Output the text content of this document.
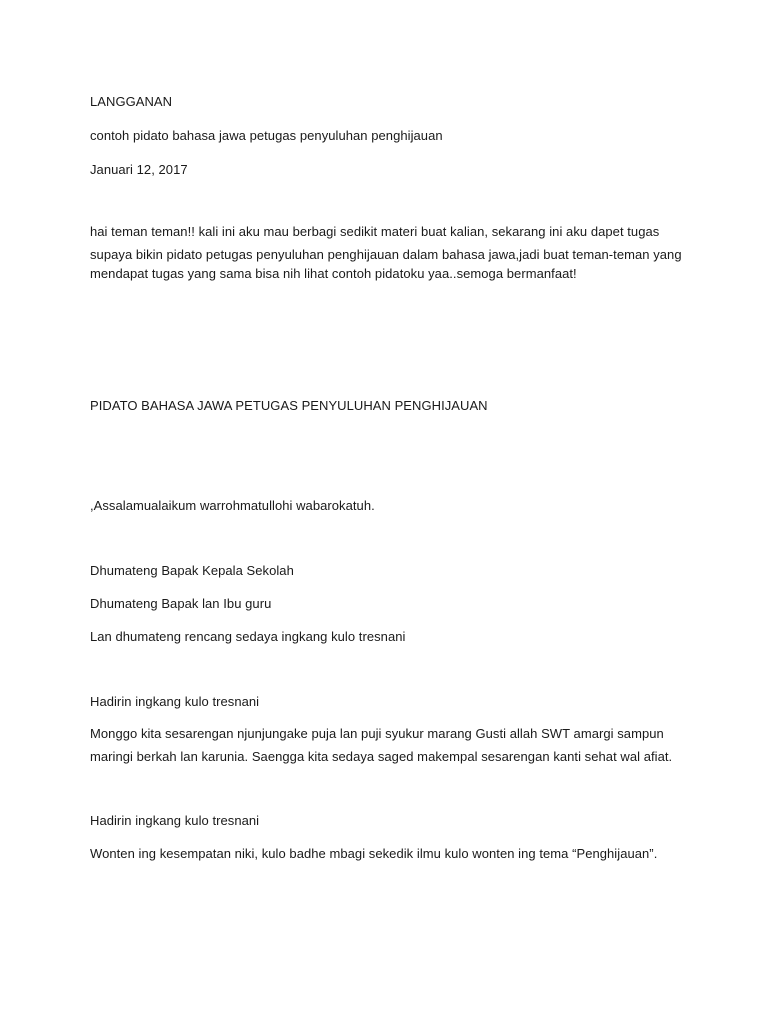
LANGGANAN
contoh pidato bahasa jawa petugas penyuluhan penghijauan
Januari 12, 2017
hai teman teman!! kali ini aku mau berbagi sedikit materi buat kalian, sekarang ini aku dapet tugas
supaya bikin pidato petugas penyuluhan penghijauan dalam bahasa jawa,jadi buat teman-teman yang
mendapat tugas yang sama bisa nih lihat contoh pidatoku yaa..semoga bermanfaat!
PIDATO BAHASA JAWA PETUGAS PENYULUHAN PENGHIJAUAN
,Assalamualaikum warrohmatullohi wabarokatuh.
Dhumateng Bapak Kepala Sekolah
Dhumateng Bapak lan Ibu guru
Lan dhumateng rencang sedaya ingkang kulo tresnani
Hadirin ingkang kulo tresnani
Monggo kita sesarengan njunjungake puja lan puji syukur marang Gusti allah SWT amargi sampun
maringi berkah lan karunia. Saengga kita sedaya saged makempal sesarengan kanti sehat wal afiat.
Hadirin ingkang kulo tresnani
Wonten ing kesempatan niki, kulo badhe mbagi sekedik ilmu kulo wonten ing tema “Penghijauan”.
